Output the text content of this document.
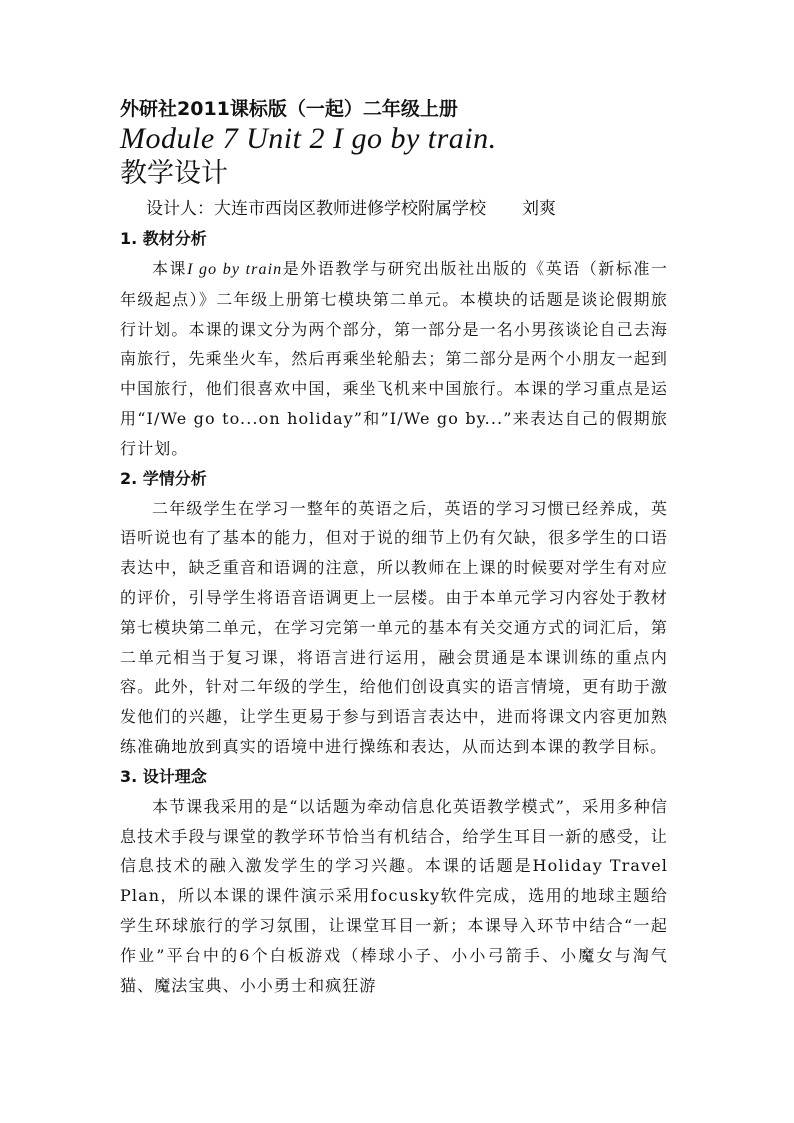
外研社2011课标版（一起）二年级上册

Module 7 Unit 2 I go by train.

教学设计

设计人：大连市西岗区教师进修学校附属学校 刘爽

1. 教材分析

本课I go by train是外语教学与研究出版社出版的《英语（新标准一年级起点）》二年级上册第七模块第二单元。本模块的话题是谈论假期旅行计划。本课的课文分为两个部分，第一部分是一名小男孩谈论自己去海南旅行，先乘坐火车，然后再乘坐轮船去；第二部分是两个小朋友一起到中国旅行，他们很喜欢中国，乘坐飞机来中国旅行。本课的学习重点是运用“I/We go to...on holiday”和”I/We go by...”来表达自己的假期旅行计划。

2. 学情分析

二年级学生在学习一整年的英语之后，英语的学习习惯已经养成，英语听说也有了基本的能力，但对于说的细节上仍有欠缺，很多学生的口语表达中，缺乏重音和语调的注意，所以教师在上课的时候要对学生有对应的评价，引导学生将语音语调更上一层楼。由于本单元学习内容处于教材第七模块第二单元，在学习完第一单元的基本有关交通方式的词汇后，第二单元相当于复习课，将语言进行运用，融会贯通是本课训练的重点内容。此外，针对二年级的学生，给他们创设真实的语言情境，更有助于激发他们的兴趣，让学生更易于参与到语言表达中，进而将课文内容更加熟练准确地放到真实的语境中进行操练和表达，从而达到本课的教学目标。

3. 设计理念

本节课我采用的是“以话题为牵动信息化英语教学模式”，采用多种信息技术手段与课堂的教学环节恰当有机结合，给学生耳目一新的感受，让信息技术的融入激发学生的学习兴趣。本课的话题是Holiday Travel Plan，所以本课的课件演示采用focusky软件完成，选用的地球主题给学生环球旅行的学习氛围，让课堂耳目一新；本课导入环节中结合“一起作业”平台中的6个白板游戏（棒球小子、小小弓箭手、小魔女与淘气猫、魔法宝典、小小勇士和疯狂游
